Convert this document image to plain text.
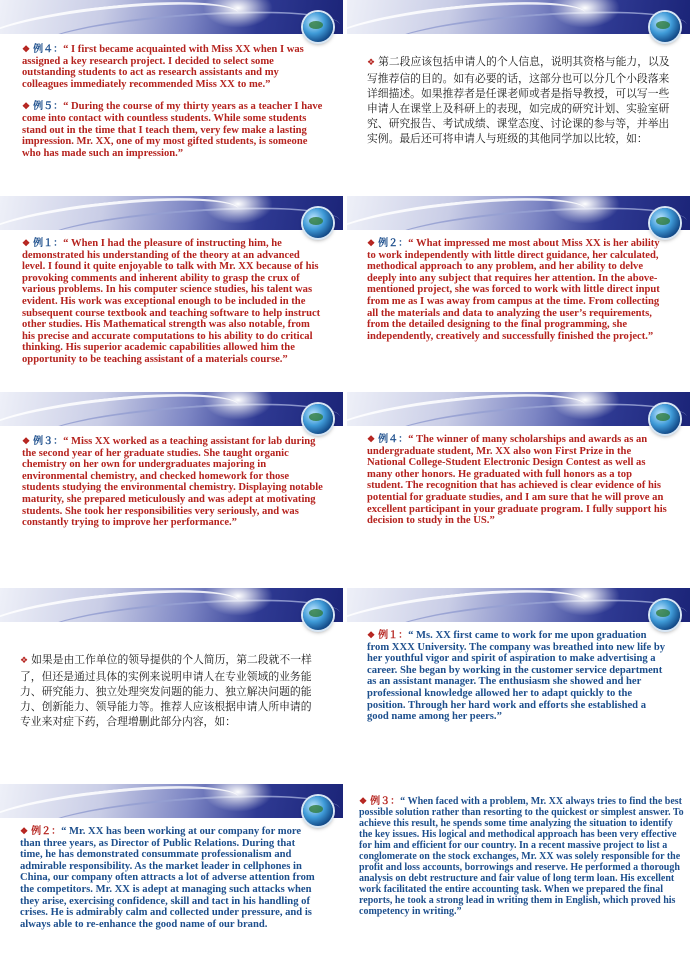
❖ 例４：“ I first became acquainted with Miss XX when I was assigned a key research project. I decided to select some outstanding students to act as research assistants and my colleagues immediately recommended Miss XX to me.”

❖ 例５：“ During the course of my thirty years as a teacher I have come into contact with countless students. While some students stand out in the time that I teach them, very few make a lasting impression. Mr. XX, one of my most gifted students, is someone who has made such an impression.”

❖ 第二段应该包括申请人的个人信息，说明其资格与能力，以及写推荐信的目的。如有必要的话，这部分也可以分几个小段落来详细描述。如果推荐者是任课老师或者是指导教授，可以写一些申请人在课堂上及科研上的表现，如完成的研究计划、实验室研究、研究报告、考试成绩、课堂态度、讨论课的参与等，并举出实例。最后还可将申请人与班级的其他同学加以比较，如：
❖ 例１：“ When I had the pleasure of instructing him, he demonstrated his understanding of the theory at an advanced level. I found it quite enjoyable to talk with Mr. XX because of his provoking comments and inherent ability to grasp the crux of various problems. In his computer science studies, his talent was evident. His work was exceptional enough to be included in the subsequent course textbook and teaching software to help instruct other studies. His Mathematical strength was also notable, from his precise and accurate computations to his ability to do critical thinking. His superior academic capabilities allowed him the opportunity to be teaching assistant of a materials course.”
❖ 例２：“ What impressed me most about Miss XX is her ability to work independently with little direct guidance, her calculated, methodical approach to any problem, and her ability to delve deeply into any subject that requires her attention. In the above-mentioned project, she was forced to work with little direct input from me as I was away from campus at the time. From collecting all the materials and data to analyzing the user’s requirements, from the detailed designing to the final programming, she independently, creatively and successfully finished the project.”
❖ 例３：“ Miss XX worked as a teaching assistant for lab during the second year of her graduate studies. She taught organic chemistry on her own for undergraduates majoring in environmental chemistry, and checked homework for those students studying the environmental chemistry. Displaying notable maturity, she prepared meticulously and was adept at motivating students. She took her responsibilities very seriously, and was constantly trying to improve her performance.”
❖ 例４：“ The winner of many scholarships and awards as an undergraduate student, Mr. XX also won First Prize in the National College-Student Electronic Design Contest as well as many other honors. He graduated with full honors as a top student. The recognition that has achieved is clear evidence of his potential for graduate studies, and I am sure that he will prove an excellent participant in your graduate program. I fully support his decision to study in the US.”
❖ 如果是由工作单位的领导提供的个人简历，第二段就不一样了，但还是通过具体的实例来说明申请人在专业领域的业务能力、研究能力、独立处理突发问题的能力、独立解决问题的能力、创新能力、领导能力等。推荐人应该根据申请人所申请的专业来对症下药，合理增删此部分内容，如：
❖ 例１：“ Ms. XX first came to work for me upon graduation from XXX University. The company was breathed into new life by her youthful vigor and spirit of aspiration to make advertising a career. She began by working in the customer service department as an assistant manager. The enthusiasm she showed and her professional knowledge allowed her to adapt quickly to the position. Through her hard work and efforts she established a good name among her peers.”
❖ 例２：“ Mr. XX has been working at our company for more than three years, as Director of Public Relations. During that time, he has demonstrated consummate professionalism and admirable responsibility. As the market leader in cellphones in China, our company often attracts a lot of adverse attention from the competitors. Mr. XX is adept at managing such attacks when they arise, exercising confidence, skill and tact in his handling of crises. He is admirably calm and collected under pressure, and is always able to re-enhance the good name of our brand.
❖ 例３：“ When faced with a problem, Mr. XX always tries to find the best possible solution rather than resorting to the quickest or simplest answer. To achieve this result, he spends some time analyzing the situation to identify the key issues. His logical and methodical approach has been very effective for him and efficient for our country. In a recent massive project to list a conglomerate on the stock exchanges, Mr. XX was solely responsible for the profit and loss accounts, borrowings and reserve. He performed a thorough analysis on debt restructure and fair value of long term loan. His excellent work facilitated the entire accounting task. When we prepared the final reports, he took a strong lead in writing them in English, which proved his competency in writing.”
